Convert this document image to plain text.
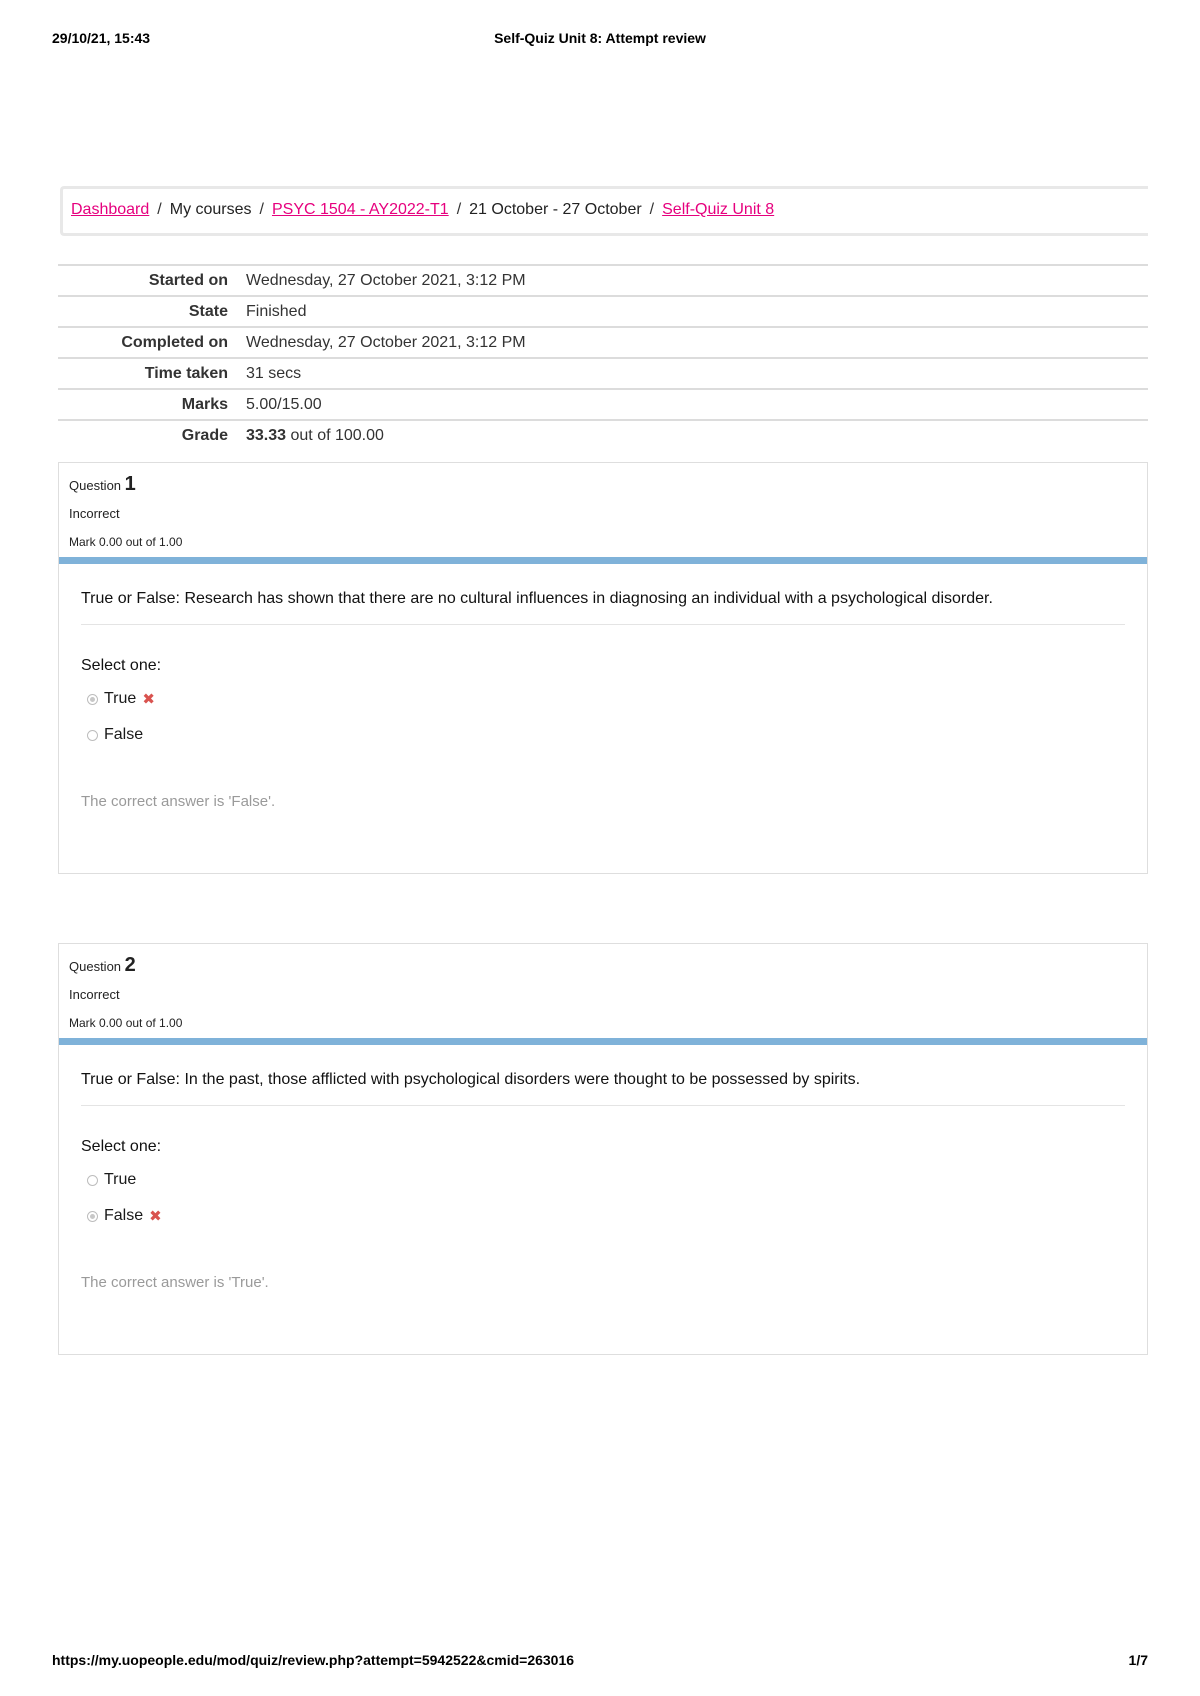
29/10/21, 15:43	Self-Quiz Unit 8: Attempt review
Dashboard / My courses / PSYC 1504 - AY2022-T1 / 21 October - 27 October / Self-Quiz Unit 8
Started on	Wednesday, 27 October 2021, 3:12 PM
State	Finished
Completed on	Wednesday, 27 October 2021, 3:12 PM
Time taken	31 secs
Marks	5.00/15.00
Grade	33.33 out of 100.00
Question 1
Incorrect
Mark 0.00 out of 1.00
True or False: Research has shown that there are no cultural influences in diagnosing an individual with a psychological disorder.
Select one:
True ✖
False
The correct answer is 'False'.
Question 2
Incorrect
Mark 0.00 out of 1.00
True or False: In the past, those afflicted with psychological disorders were thought to be possessed by spirits.
Select one:
True
False ✖
The correct answer is 'True'.
https://my.uopeople.edu/mod/quiz/review.php?attempt=5942522&cmid=263016	1/7
